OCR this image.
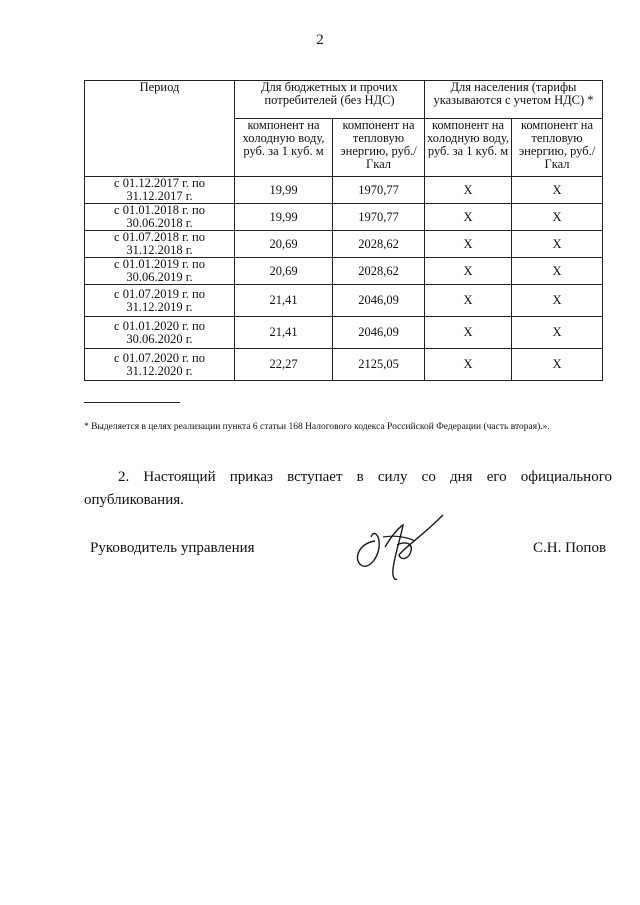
2
Период	Для бюджетных и прочих потребителей (без НДС)		Для населения (тарифы указываются с учетом НДС) *	
	компонент на холодную воду, руб. за 1 куб. м	компонент на тепловую энергию, руб./Гкал	компонент на холодную воду, руб. за 1 куб. м	компонент на тепловую энергию, руб./Гкал
с 01.12.2017 г. по 31.12.2017 г.	19,99	1970,77	X	X
с 01.01.2018 г. по 30.06.2018 г.	19,99	1970,77	X	X
с 01.07.2018 г. по 31.12.2018 г.	20,69	2028,62	X	X
с 01.01.2019 г. по 30.06.2019 г.	20,69	2028,62	X	X
с 01.07.2019 г. по 31.12.2019 г.	21,41	2046,09	X	X
с 01.01.2020 г. по 30.06.2020 г.	21,41	2046,09	X	X
с 01.07.2020 г. по 31.12.2020 г.	22,27	2125,05	X	X
* Выделяется в целях реализации пункта 6 статьи 168 Налогового кодекса Российской Федерации (часть вторая).».
2. Настоящий приказ вступает в силу со дня его официального опубликования.
Руководитель управления	С.Н. Попов
